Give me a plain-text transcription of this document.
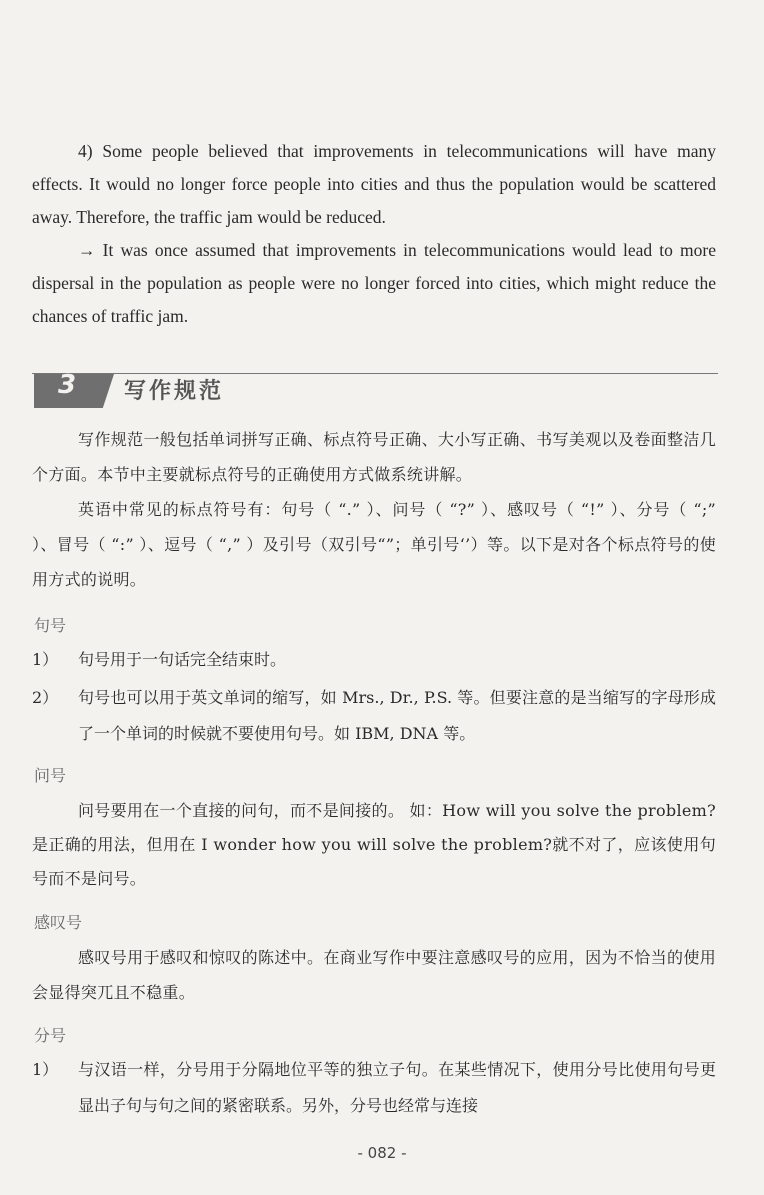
4) Some people believed that improvements in telecommunications will have many effects. It would no longer force people into cities and thus the population would be scattered away. Therefore, the traffic jam would be reduced.

→ It was once assumed that improvements in telecommunications would lead to more dispersal in the population as people were no longer forced into cities, which might reduce the chances of traffic jam.

3 写作规范

写作规范一般包括单词拼写正确、标点符号正确、大小写正确、书写美观以及卷面整洁几个方面。本节中主要就标点符号的正确使用方式做系统讲解。

英语中常见的标点符号有：句号（ “.” ）、问号（ “?” ）、感叹号（ “!” ）、分号（ “;” ）、冒号（ “:” ）、逗号（ “,” ）及引号（双引号“”；单引号‘’）等。以下是对各个标点符号的使用方式的说明。

句号
1）	句号用于一句话完全结束时。
2）	句号也可以用于英文单词的缩写，如 Mrs., Dr., P.S. 等。但要注意的是当缩写的字母形成了一个单词的时候就不要使用句号。如 IBM, DNA 等。
问号

问号要用在一个直接的问句，而不是间接的。 如：How will you solve the problem?是正确的用法，但用在 I wonder how you will solve the problem?就不对了，应该使用句号而不是问号。

感叹号

感叹号用于感叹和惊叹的陈述中。在商业写作中要注意感叹号的应用，因为不恰当的使用会显得突兀且不稳重。

分号
1）	与汉语一样，分号用于分隔地位平等的独立子句。在某些情况下，使用分号比使用句号更显出子句与句之间的紧密联系。另外，分号也经常与连接
- 082 -
